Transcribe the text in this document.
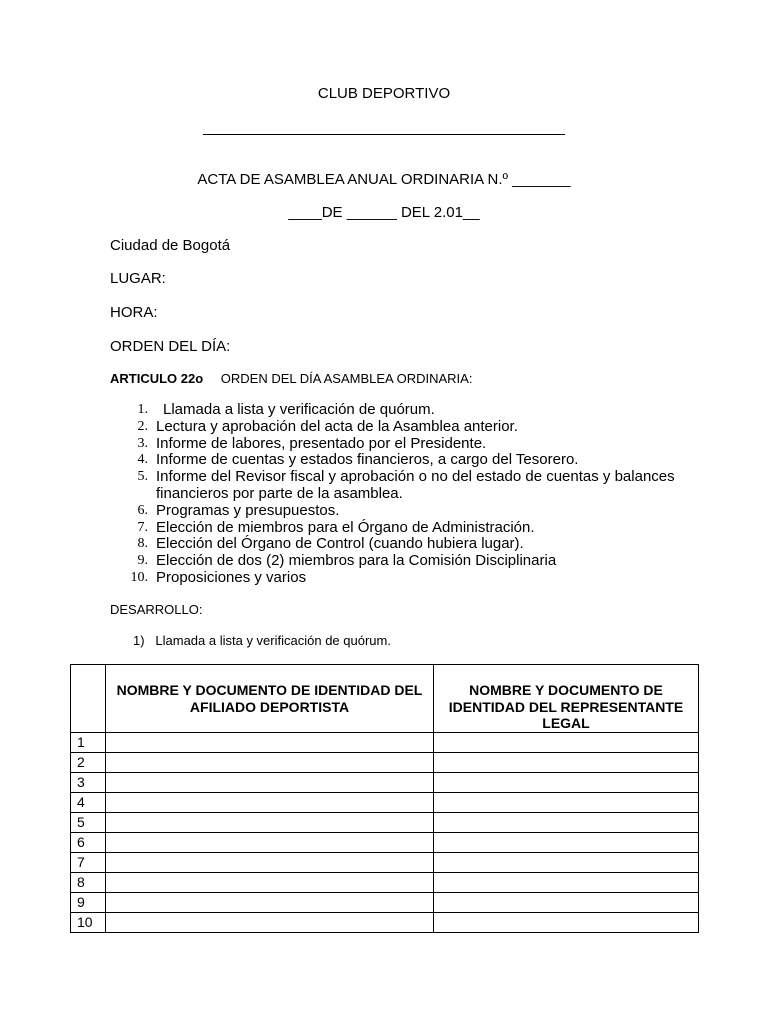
CLUB DEPORTIVO
ACTA DE ASAMBLEA ANUAL ORDINARIA N.º _______
____DE ______ DEL 2.01__
Ciudad de Bogotá
LUGAR:
HORA:
ORDEN DEL DÍA:
ARTICULO 22o ORDEN DEL DÍA ASAMBLEA ORDINARIA:
1. Llamada a lista y verificación de quórum.
2. Lectura y aprobación del acta de la Asamblea anterior.
3. Informe de labores, presentado por el Presidente.
4. Informe de cuentas y estados financieros, a cargo del Tesorero.
5. Informe del Revisor fiscal y aprobación o no del estado de cuentas y balances financieros por parte de la asamblea.
6. Programas y presupuestos.
7. Elección de miembros para el Órgano de Administración.
8. Elección del Órgano de Control (cuando hubiera lugar).
9. Elección de dos (2) miembros para la Comisión Disciplinaria
10. Proposiciones y varios
DESARROLLO:
1)   Llamada a lista y verificación de quórum.
	NOMBRE Y DOCUMENTO DE IDENTIDAD DEL AFILIADO DEPORTISTA	NOMBRE Y DOCUMENTO DE IDENTIDAD DEL REPRESENTANTE LEGAL
1		
2		
3		
4		
5		
6		
7		
8		
9		
10		
